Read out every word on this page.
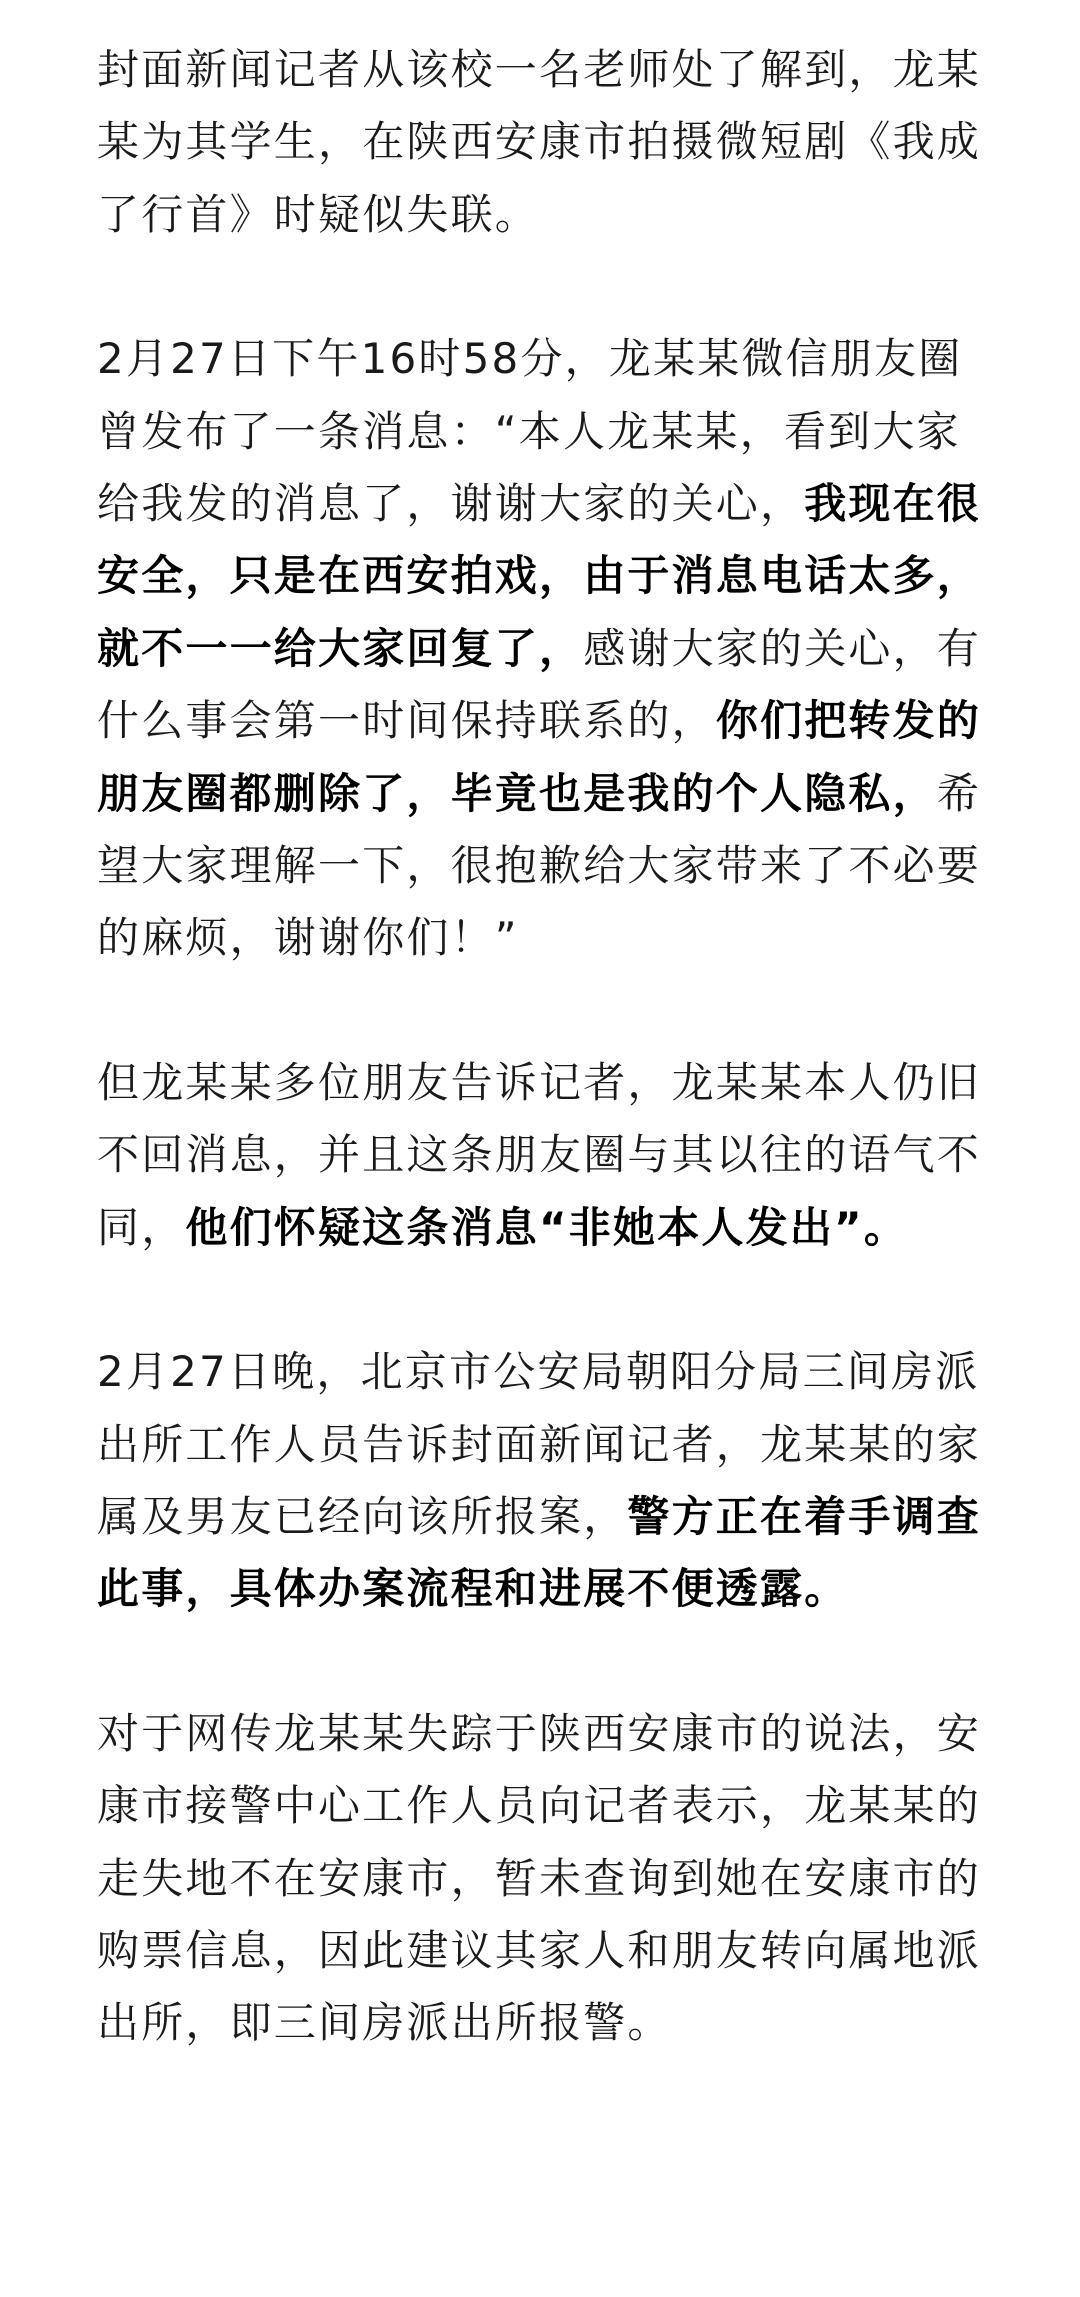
封面新闻记者从该校一名老师处了解到，龙某某为其学生，在陕西安康市拍摄微短剧《我成了行首》时疑似失联。

2月27日下午16时58分，龙某某微信朋友圈曾发布了一条消息：“本人龙某某，看到大家给我发的消息了，谢谢大家的关心，我现在很安全，只是在西安拍戏，由于消息电话太多，就不一一给大家回复了，感谢大家的关心，有什么事会第一时间保持联系的，你们把转发的朋友圈都删除了，毕竟也是我的个人隐私，希望大家理解一下，很抱歉给大家带来了不必要的麻烦，谢谢你们！”

但龙某某多位朋友告诉记者，龙某某本人仍旧不回消息，并且这条朋友圈与其以往的语气不同，他们怀疑这条消息“非她本人发出”。

2月27日晚，北京市公安局朝阳分局三间房派出所工作人员告诉封面新闻记者，龙某某的家属及男友已经向该所报案，警方正在着手调查此事，具体办案流程和进展不便透露。

对于网传龙某某失踪于陕西安康市的说法，安康市接警中心工作人员向记者表示，龙某某的走失地不在安康市，暂未查询到她在安康市的购票信息，因此建议其家人和朋友转向属地派出所，即三间房派出所报警。
